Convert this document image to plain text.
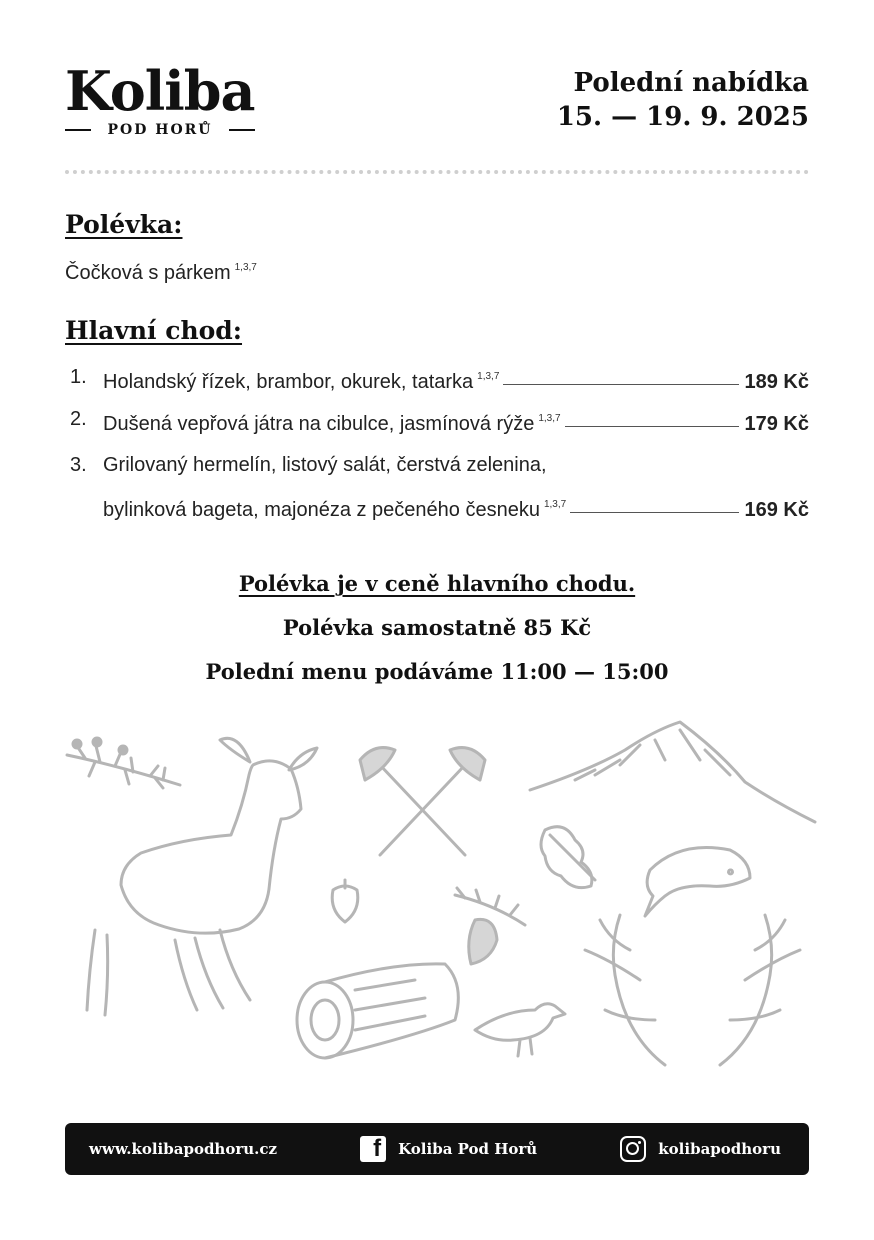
Koliba
POD HORŮ
Polední nabídka
15. — 19. 9. 2025
Polévka:
Čočková s párkem $^{1,3,7}$
Hlavní chod:
1. Holandský řízek, brambor, okurek, tatarka $^{1,3,7}$	189 Kč
2. Dušená vepřová játra na cibulce, jasmínová rýže $^{1,3,7}$	179 Kč
3. Grilovaný hermelín, listový salát, čerstvá zelenina,
bylinková bageta, majonéza z pečeného česneku $^{1,3,7}$	169 Kč
Polévka je v ceně hlavního chodu.
Polévka samostatně 85 Kč
Polední menu podáváme 11:00 — 15:00
www.kolibapodhoru.cz	f Koliba Pod Horů	kolibapodhoru
